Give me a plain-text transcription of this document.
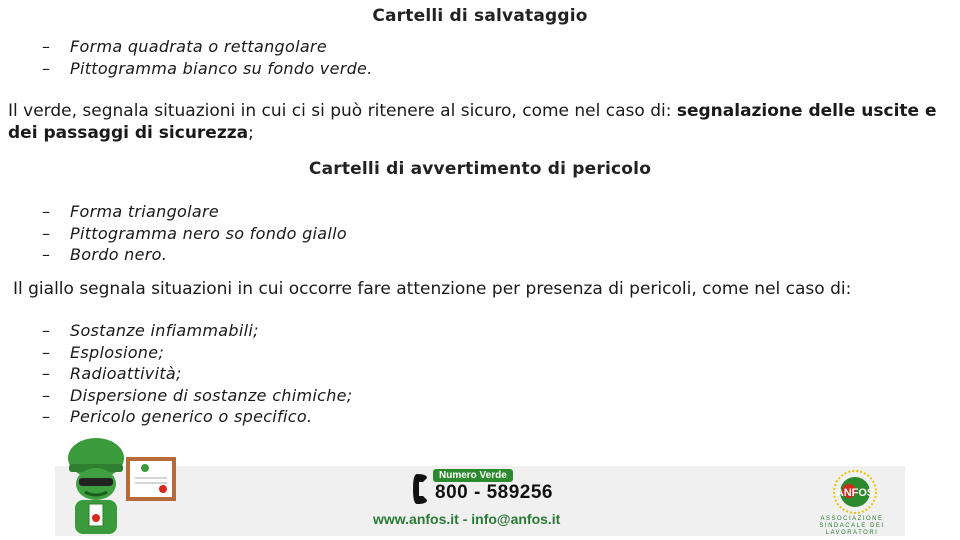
Cartelli di salvataggio
– Forma quadrata o rettangolare
– Pittogramma bianco su fondo verde.
Il verde, segnala situazioni in cui ci si può ritenere al sicuro, come nel caso di: segnalazione delle uscite e dei passaggi di sicurezza;
Cartelli di avvertimento di pericolo
– Forma triangolare
– Pittogramma nero so fondo giallo
– Bordo nero.
Il giallo segnala situazioni in cui occorre fare attenzione per presenza di pericoli, come nel caso di:
– Sostanze infiammabili;
– Esplosione;
– Radioattività;
– Dispersione di sostanze chimiche;
– Pericolo generico o specifico.
Numero Verde
800 - 589256
www.anfos.it - info@anfos.it
ANFOS
ASSOCIAZIONE SINDACALE DEI LAVORATORI
